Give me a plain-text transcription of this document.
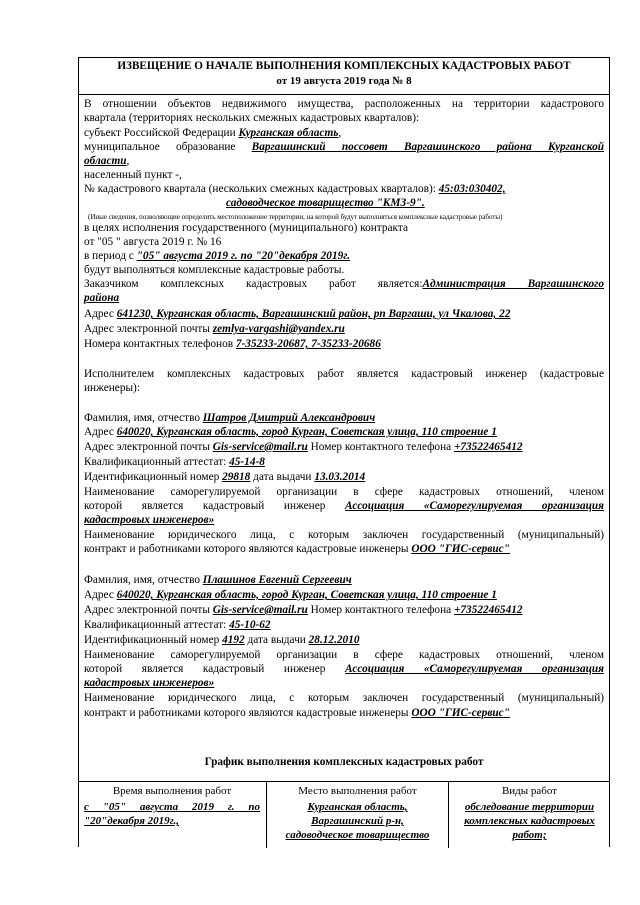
ИЗВЕЩЕНИЕ О НАЧАЛЕ ВЫПОЛНЕНИЯ КОМПЛЕКСНЫХ КАДАСТРОВЫХ РАБОТ
от 19 августа 2019 года № 8
В отношении объектов недвижимого имущества, расположенных на территории кадастрового
квартала (территориях нескольких смежных кадастровых кварталов):
субъект Российской Федерации Курганская область,
муниципальное образование Варгашинский поссовет Варгашинского района Курганской
области,
населенный пункт -,
№ кадастрового квартала (нескольких смежных кадастровых кварталов): 45:03:030402,
садоводческое товарищество "КМЗ-9".
(Иные сведения, позволяющие определить местоположение территории, на которой будут выполняться комплексные кадастровые работы)
в целях исполнения государственного (муниципального) контракта
от "05 " августа 2019 г. № 16
в период с "05" августа 2019 г. по "20"декабря 2019г.
будут выполняться комплексные кадастровые работы.
Заказчиком комплексных кадастровых работ является:Администрация Варгашинского
района
Адрес 641230, Курганская область, Варгашинский район, рп Варгаши, ул Чкалова, 22
Адрес электронной почты zemlya-vargashi@yandex.ru
Номера контактных телефонов 7-35233-20687, 7-35233-20686
Исполнителем комплексных кадастровых работ является кадастровый инженер (кадастровые
инженеры):
Фамилия, имя, отчество Шатров Дмитрий Александрович
Адрес 640020, Курганская область, город Курган, Советская улица, 110 строение 1
Адрес электронной почты Gis-service@mail.ru Номер контактного телефона +73522465412
Квалификационный аттестат: 45-14-8
Идентификационный номер 29818 дата выдачи 13.03.2014
Наименование саморегулируемой организации в сфере кадастровых отношений, членом
которой является кадастровый инженер Ассоциация «Саморегулируемая организация
кадастровых инженеров»
Наименование юридического лица, с которым заключен государственный (муниципальный)
контракт и работниками которого являются кадастровые инженеры ООО "ГИС-сервис"
Фамилия, имя, отчество Плашинов Евгений Сергеевич
Адрес 640020, Курганская область, город Курган, Советская улица, 110 строение 1
Адрес электронной почты Gis-service@mail.ru Номер контактного телефона +73522465412
Квалификационный аттестат: 45-10-62
Идентификационный номер 4192 дата выдачи 28.12.2010
Наименование саморегулируемой организации в сфере кадастровых отношений, членом
которой является кадастровый инженер Ассоциация «Саморегулируемая организация
кадастровых инженеров»
Наименование юридического лица, с которым заключен государственный (муниципальный)
контракт и работниками которого являются кадастровые инженеры ООО "ГИС-сервис"
График выполнения комплексных кадастровых работ
Время выполнения работ
с "05" августа 2019 г. по
"20"декабря 2019г.,
Место выполнения работ
Курганская область,
Варгашинский р-н,
садоводческое товарищество
Виды работ
обследование территории
комплексных кадастровых
работ;
